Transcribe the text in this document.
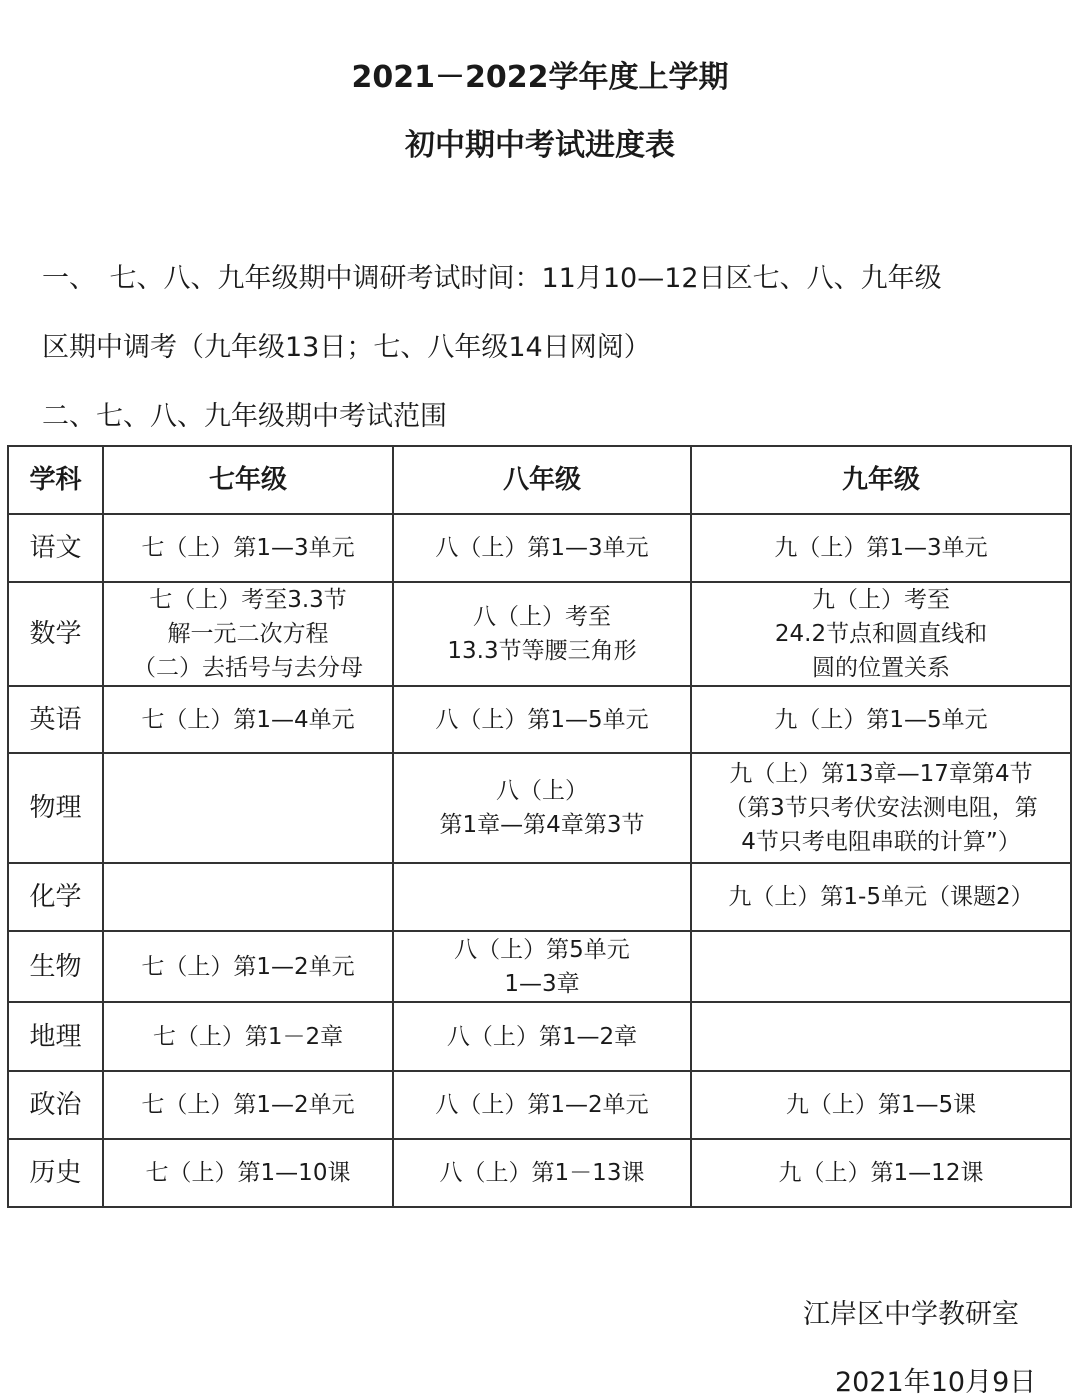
2021－2022学年度上学期
初中期中考试进度表
一、　七、八、九年级期中调研考试时间：11月10—12日区七、八、九年级
区期中调考（九年级13日；七、八年级14日网阅）
二、七、八、九年级期中考试范围
学科	七年级	八年级	九年级
语文	七（上）第1—3单元	八（上）第1—3单元	九（上）第1—3单元

数学	七（上）考至3.3节
解一元二次方程
（二）去括号与去分母	八（上）考至
13.3节等腰三角形	九（上）考至
24.2节点和圆直线和
圆的位置关系

英语	七（上）第1—4单元	八（上）第1—5单元	九（上）第1—5单元

物理		八（上）
第1章—第4章第3节	九（上）第13章—17章第4节
（第3节只考伏安法测电阻，第
4节只考电阻串联的计算”）

化学			九（上）第1-5单元（课题2）

生物	七（上）第1—2单元	八（上）第5单元
1—3章	

地理	七（上）第1－2章	八（上）第1—2章	

政治	七（上）第1—2单元	八（上）第1—2单元	九（上）第1—5课

历史	七（上）第1—10课	八（上）第1－13课	九（上）第1—12课
江岸区中学教研室
2021年10月9日
